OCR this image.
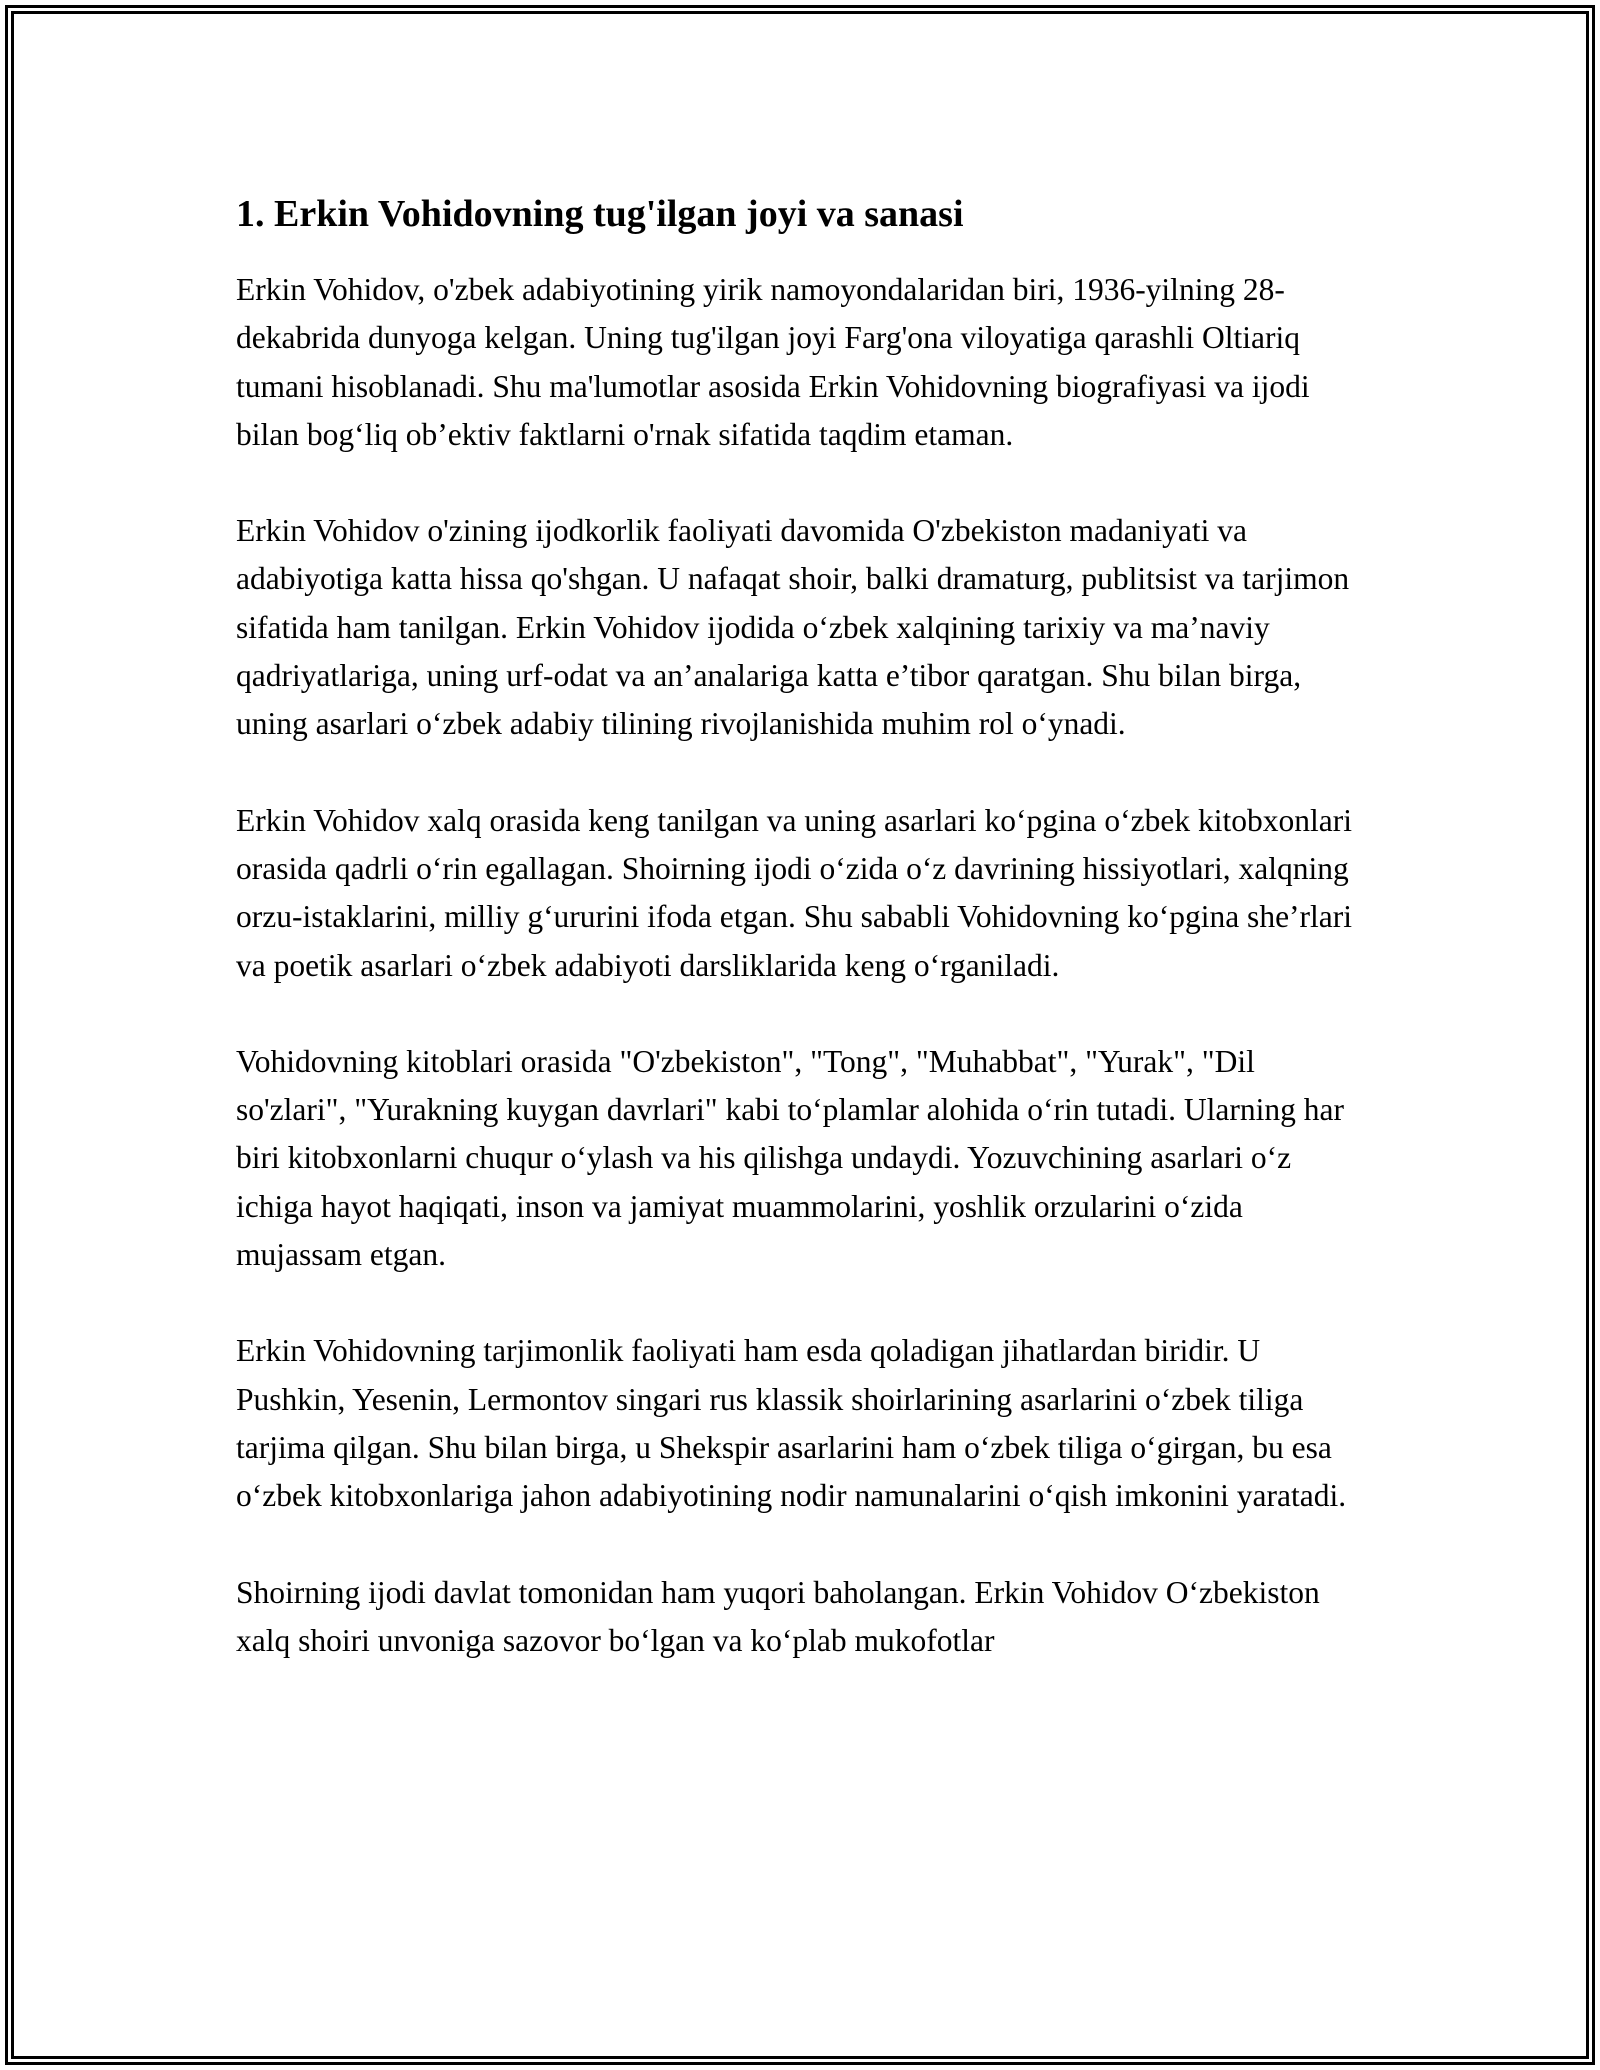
1. Erkin Vohidovning tug'ilgan joyi va sanasi

Erkin Vohidov, o'zbek adabiyotining yirik namoyondalaridan biri, 1936-yilning 28-dekabrida dunyoga kelgan. Uning tug'ilgan joyi Farg'ona viloyatiga qarashli Oltiariq tumani hisoblanadi. Shu ma'lumotlar asosida Erkin Vohidovning biografiyasi va ijodi bilan bog‘liq ob’ektiv faktlarni o'rnak sifatida taqdim etaman.

Erkin Vohidov o'zining ijodkorlik faoliyati davomida O'zbekiston madaniyati va adabiyotiga katta hissa qo'shgan. U nafaqat shoir, balki dramaturg, publitsist va tarjimon sifatida ham tanilgan. Erkin Vohidov ijodida o‘zbek xalqining tarixiy va ma’naviy qadriyatlariga, uning urf-odat va an’analariga katta e’tibor qaratgan. Shu bilan birga, uning asarlari o‘zbek adabiy tilining rivojlanishida muhim rol o‘ynadi.

Erkin Vohidov xalq orasida keng tanilgan va uning asarlari ko‘pgina o‘zbek kitobxonlari orasida qadrli o‘rin egallagan. Shoirning ijodi o‘zida o‘z davrining hissiyotlari, xalqning orzu-istaklarini, milliy g‘ururini ifoda etgan. Shu sababli Vohidovning ko‘pgina she’rlari va poetik asarlari o‘zbek adabiyoti darsliklarida keng o‘rganiladi.

Vohidovning kitoblari orasida "O'zbekiston", "Tong", "Muhabbat", "Yurak", "Dil so'zlari", "Yurakning kuygan davrlari" kabi to‘plamlar alohida o‘rin tutadi. Ularning har biri kitobxonlarni chuqur o‘ylash va his qilishga undaydi. Yozuvchining asarlari o‘z ichiga hayot haqiqati, inson va jamiyat muammolarini, yoshlik orzularini o‘zida mujassam etgan.

Erkin Vohidovning tarjimonlik faoliyati ham esda qoladigan jihatlardan biridir. U Pushkin, Yesenin, Lermontov singari rus klassik shoirlarining asarlarini o‘zbek tiliga tarjima qilgan. Shu bilan birga, u Shekspir asarlarini ham o‘zbek tiliga o‘girgan, bu esa o‘zbek kitobxonlariga jahon adabiyotining nodir namunalarini o‘qish imkonini yaratadi.

Shoirning ijodi davlat tomonidan ham yuqori baholangan. Erkin Vohidov O‘zbekiston xalq shoiri unvoniga sazovor bo‘lgan va ko‘plab mukofotlar
